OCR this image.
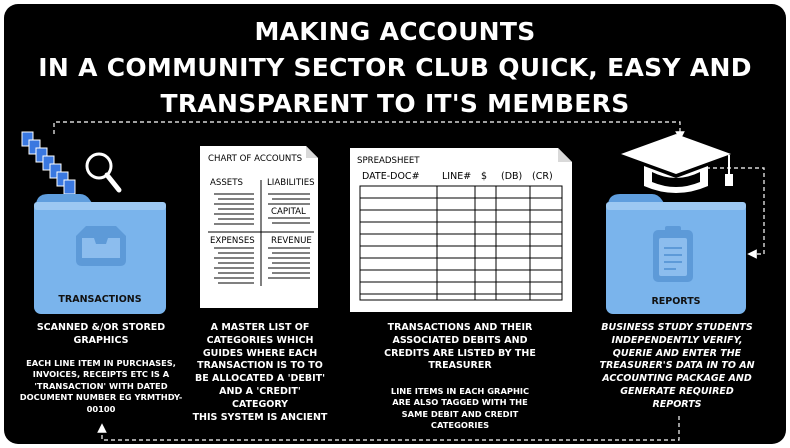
MAKING ACCOUNTS
IN A COMMUNITY SECTOR CLUB QUICK, EASY AND
TRANSPARENT TO IT'S MEMBERS
TRANSACTIONS	REPORTS
CHART OF ACCOUNTS
ASSETS	LIABILITIES
CAPITAL
EXPENSES REVENUE
SPREADSHEET
DATE-DOC# LINE# $ (DB) (CR)
SCANNED &/OR STORED GRAPHICS
EACH LINE ITEM IN PURCHASES, INVOICES, RECEIPTS ETC IS A 'TRANSACTION' WITH DATED DOCUMENT NUMBER EG YRMTHDY-00100
A MASTER LIST OF CATEGORIES WHICH GUIDES WHERE EACH TRANSACTION IS TO TO BE ALLOCATED A 'DEBIT' AND A 'CREDIT' CATEGORY
THIS SYSTEM IS ANCIENT
TRANSACTIONS AND THEIR ASSOCIATED DEBITS AND CREDITS ARE LISTED BY THE TREASURER
LINE ITEMS IN EACH GRAPHIC ARE ALSO TAGGED WITH THE SAME DEBIT AND CREDIT CATEGORIES
BUSINESS STUDY STUDENTS INDEPENDENTLY VERIFY, QUERIE AND ENTER THE TREASURER'S DATA IN TO AN ACCOUNTING PACKAGE AND GENERATE REQUIRED REPORTS
